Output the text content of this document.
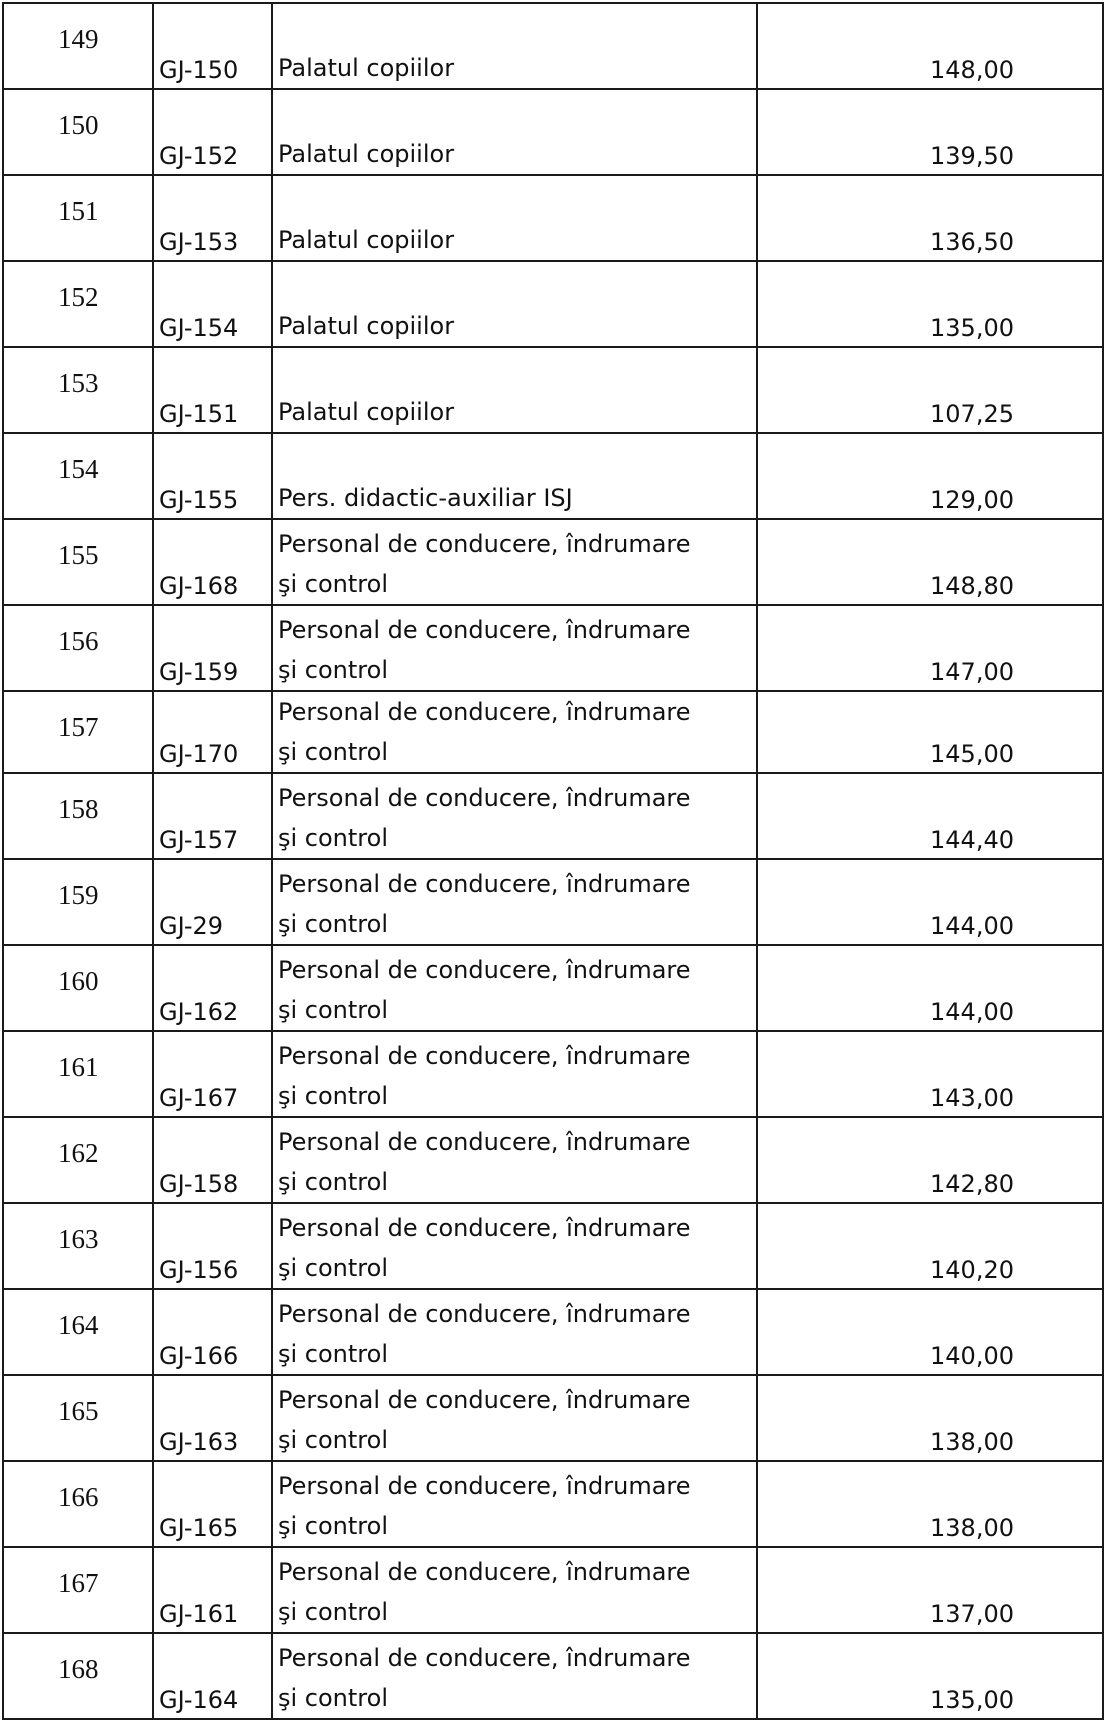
149	GJ-150	Palatul copiilor	148,00
150	GJ-152	Palatul copiilor	139,50
151	GJ-153	Palatul copiilor	136,50
152	GJ-154	Palatul copiilor	135,00
153	GJ-151	Palatul copiilor	107,25
154	GJ-155	Pers. didactic-auxiliar ISJ	129,00
155	GJ-168	Personal de conducere, îndrumare
şi control	148,80
156	GJ-159	Personal de conducere, îndrumare
şi control	147,00
157	GJ-170	Personal de conducere, îndrumare
şi control	145,00
158	GJ-157	Personal de conducere, îndrumare
şi control	144,40
159	GJ-29	Personal de conducere, îndrumare
şi control	144,00
160	GJ-162	Personal de conducere, îndrumare
şi control	144,00
161	GJ-167	Personal de conducere, îndrumare
şi control	143,00
162	GJ-158	Personal de conducere, îndrumare
şi control	142,80
163	GJ-156	Personal de conducere, îndrumare
şi control	140,20
164	GJ-166	Personal de conducere, îndrumare
şi control	140,00
165	GJ-163	Personal de conducere, îndrumare
şi control	138,00
166	GJ-165	Personal de conducere, îndrumare
şi control	138,00
167	GJ-161	Personal de conducere, îndrumare
şi control	137,00
168	GJ-164	Personal de conducere, îndrumare
şi control	135,00
